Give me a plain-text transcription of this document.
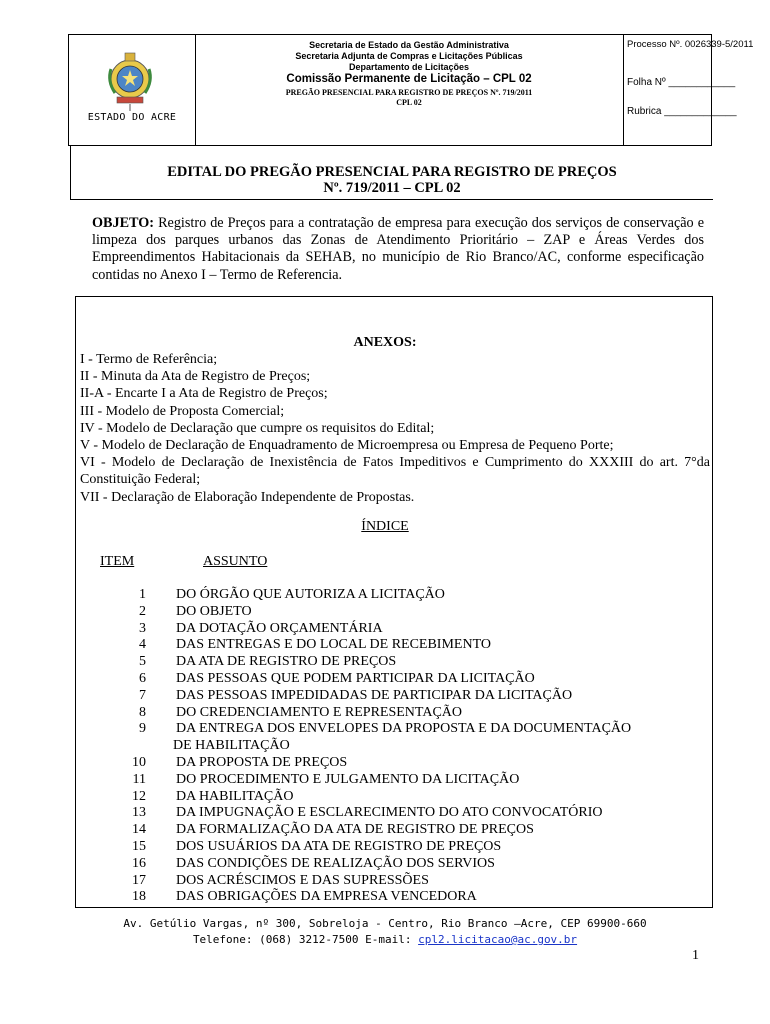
ESTADO DO ACRE
Secretaria de Estado da Gestão Administrativa
Secretaria Adjunta de Compras e Licitações Públicas
Departamento de Licitações
Comissão Permanente de Licitação – CPL 02
PREGÃO PRESENCIAL PARA REGISTRO DE PREÇOS Nº. 719/2011
CPL 02
Processo Nº. 0026339-5/2011
Folha Nº ____________
Rubrica _____________
EDITAL DO PREGÃO PRESENCIAL PARA REGISTRO DE PREÇOS
Nº. 719/2011 – CPL 02
OBJETO: Registro de Preços para a contratação de empresa para execução dos serviços de conservação e limpeza dos parques urbanos das Zonas de Atendimento Prioritário – ZAP e Áreas Verdes dos Empreendimentos Habitacionais da SEHAB, no município de Rio Branco/AC, conforme especificação contidas no Anexo I – Termo de Referencia.
ANEXOS:
I - Termo de Referência;
II - Minuta da Ata de Registro de Preços;
II-A - Encarte I a Ata de Registro de Preços;
III - Modelo de Proposta Comercial;
IV - Modelo de Declaração que cumpre os requisitos do Edital;
V - Modelo de Declaração de Enquadramento de Microempresa ou Empresa de Pequeno Porte;
VI - Modelo de Declaração de Inexistência de Fatos Impeditivos e Cumprimento do XXXIII do art. 7°da Constituição Federal;
VII - Declaração de Elaboração Independente de Propostas.
ÍNDICE
ITEM	ASSUNTO
1 DO ÓRGÃO QUE AUTORIZA A LICITAÇÃO
2 DO OBJETO
3 DA DOTAÇÃO ORÇAMENTÁRIA
4 DAS ENTREGAS E DO LOCAL DE RECEBIMENTO
5 DA ATA DE REGISTRO DE PREÇOS
6 DAS PESSOAS QUE PODEM PARTICIPAR DA LICITAÇÃO
7 DAS PESSOAS IMPEDIDADAS DE PARTICIPAR DA LICITAÇÃO
8 DO CREDENCIAMENTO E REPRESENTAÇÃO
9 DA ENTREGA DOS ENVELOPES DA PROPOSTA E DA DOCUMENTAÇÃO
DE HABILITAÇÃO
10 DA PROPOSTA DE PREÇOS
11 DO PROCEDIMENTO E JULGAMENTO DA LICITAÇÃO
12 DA HABILITAÇÃO
13 DA IMPUGNAÇÃO E ESCLARECIMENTO DO ATO CONVOCATÓRIO
14 DA FORMALIZAÇÃO DA ATA DE REGISTRO DE PREÇOS
15 DOS USUÁRIOS DA ATA DE REGISTRO DE PREÇOS
16 DAS CONDIÇÕES DE REALIZAÇÃO DOS SERVIOS
17 DOS ACRÉSCIMOS E DAS SUPRESSÕES
18 DAS OBRIGAÇÕES DA EMPRESA VENCEDORA
Av. Getúlio Vargas, nº 300, Sobreloja - Centro, Rio Branco –Acre, CEP 69900-660
Telefone: (068) 3212-7500 E-mail: cpl2.licitacao@ac.gov.br
1
